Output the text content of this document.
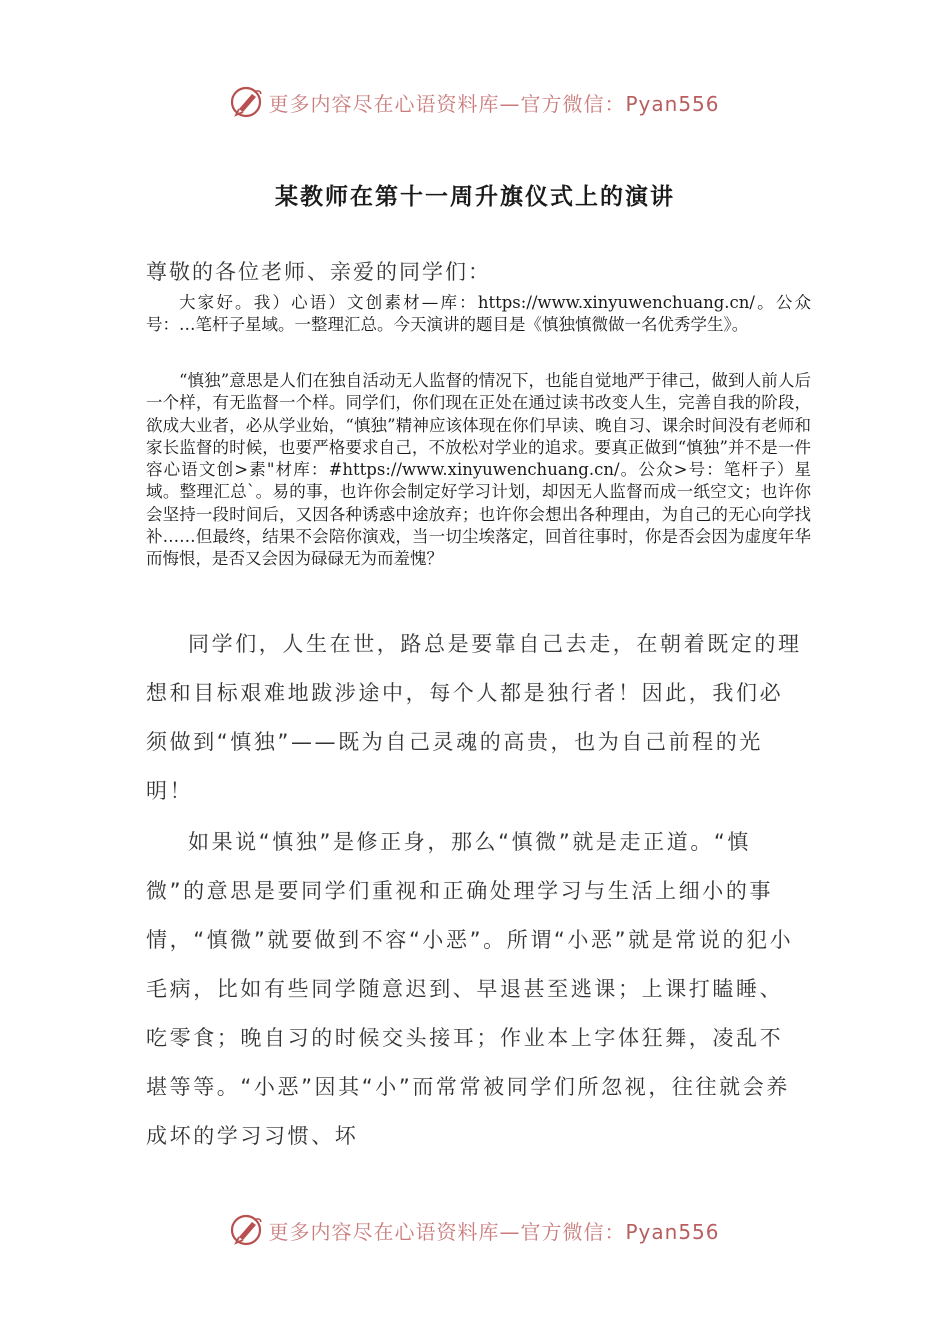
更多内容尽在心语资料库—官方微信：Pyan556
某教师在第十一周升旗仪式上的演讲
尊敬的各位老师、亲爱的同学们：

大家好。我）心语）文创素材—库：https://www.xinyuwenchuang.cn/。公众号：…笔杆子星域。一整理汇总。今天演讲的题目是《慎独慎微做一名优秀学生》。

“慎独”意思是人们在独自活动无人监督的情况下，也能自觉地严于律己，做到人前人后一个样，有无监督一个样。同学们，你们现在正处在通过读书改变人生，完善自我的阶段，欲成大业者，必从学业始，“慎独”精神应该体现在你们早读、晚自习、课余时间没有老师和家长监督的时候，也要严格要求自己，不放松对学业的追求。要真正做到“慎独”并不是一件容心语文创>素"材库：#https://www.xinyuwenchuang.cn/。公众>号：笔杆子）星域。整理汇总`。易的事，也许你会制定好学习计划，却因无人监督而成一纸空文；也许你会坚持一段时间后，又因各种诱惑中途放弃；也许你会想出各种理由，为自己的无心向学找补……但最终，结果不会陪你演戏，当一切尘埃落定，回首往事时，你是否会因为虚度年华而悔恨，是否又会因为碌碌无为而羞愧？

同学们，人生在世，路总是要靠自己去走，在朝着既定的理想和目标艰难地跋涉途中，每个人都是独行者！因此，我们必须做到“慎独”——既为自己灵魂的高贵，也为自己前程的光明！

如果说“慎独”是修正身，那么“慎微”就是走正道。“慎微”的意思是要同学们重视和正确处理学习与生活上细小的事情，“慎微”就要做到不容“小恶”。所谓“小恶”就是常说的犯小毛病，比如有些同学随意迟到、早退甚至逃课；上课打瞌睡、吃零食；晚自习的时候交头接耳；作业本上字体狂舞，凌乱不堪等等。“小恶”因其“小”而常常被同学们所忽视，往往就会养成坏的学习习惯、坏

更多内容尽在心语资料库—官方微信：Pyan556
